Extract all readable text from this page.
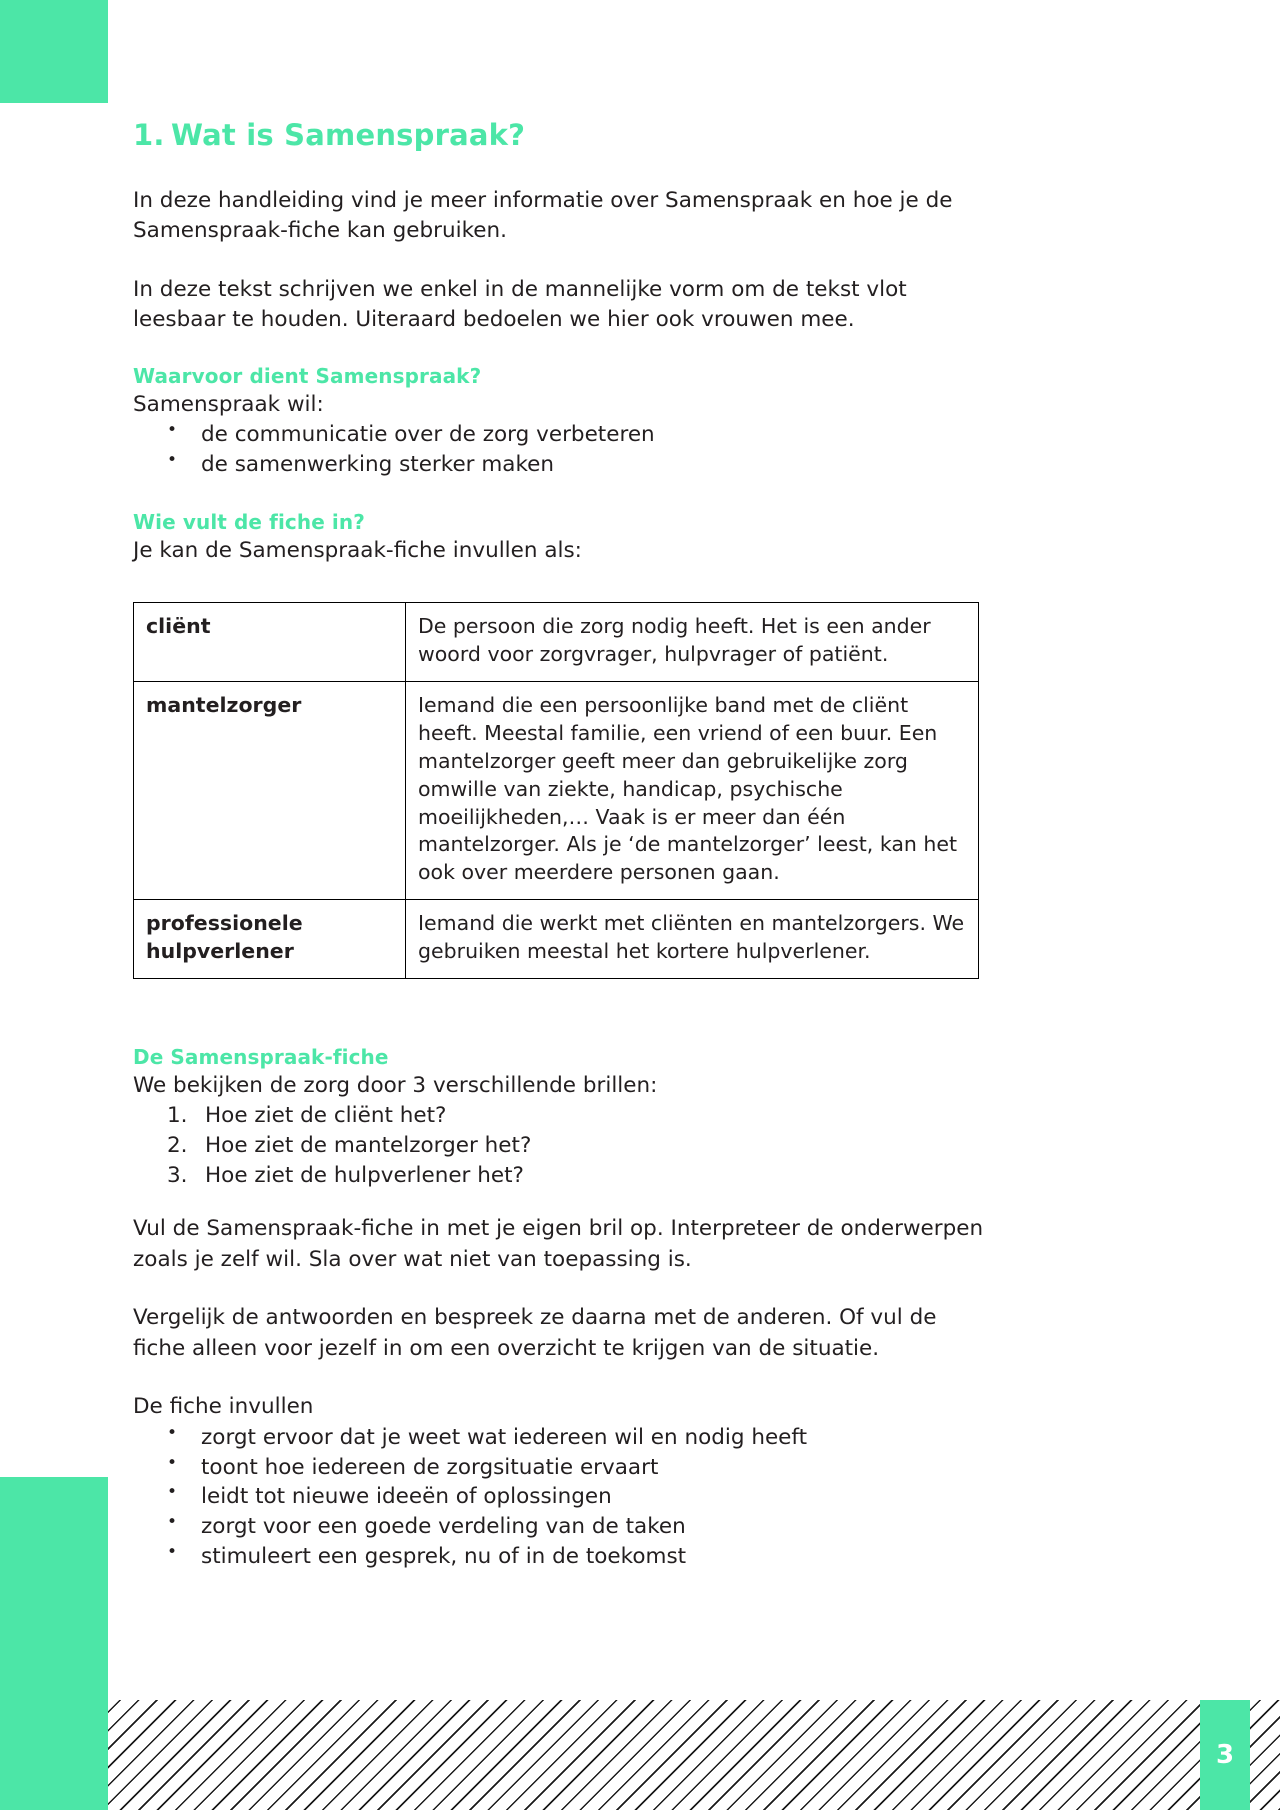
1. Wat is Samenspraak?

In deze handleiding vind je meer informatie over Samenspraak en hoe je de Samenspraak-fiche kan gebruiken.

In deze tekst schrijven we enkel in de mannelijke vorm om de tekst vlot leesbaar te houden. Uiteraard bedoelen we hier ook vrouwen mee.

Waarvoor dient Samenspraak?

Samenspraak wil:

• de communicatie over de zorg verbeteren
• de samenwerking sterker maken
Wie vult de fiche in?

Je kan de Samenspraak-fiche invullen als:

cliënt	De persoon die zorg nodig heeft. Het is een ander woord voor zorgvrager, hulpvrager of patiënt.
mantelzorger	Iemand die een persoonlijke band met de cliënt heeft. Meestal familie, een vriend of een buur. Een mantelzorger geeft meer dan gebruikelijke zorg omwille van ziekte, handicap, psychische moeilijkheden,… Vaak is er meer dan één mantelzorger. Als je ‘de mantelzorger’ leest, kan het ook over meerdere personen gaan.
professionele hulpverlener	Iemand die werkt met cliënten en mantelzorgers. We gebruiken meestal het kortere hulpverlener.
De Samenspraak-fiche

We bekijken de zorg door 3 verschillende brillen:

1. Hoe ziet de cliënt het?
2. Hoe ziet de mantelzorger het?
3. Hoe ziet de hulpverlener het?

Vul de Samenspraak-fiche in met je eigen bril op. Interpreteer de onderwerpen zoals je zelf wil. Sla over wat niet van toepassing is.

Vergelijk de antwoorden en bespreek ze daarna met de anderen. Of vul de fiche alleen voor jezelf in om een overzicht te krijgen van de situatie.

De fiche invullen

• zorgt ervoor dat je weet wat iedereen wil en nodig heeft
• toont hoe iedereen de zorgsituatie ervaart
• leidt tot nieuwe ideeën of oplossingen
• zorgt voor een goede verdeling van de taken
• stimuleert een gesprek, nu of in de toekomst
3
